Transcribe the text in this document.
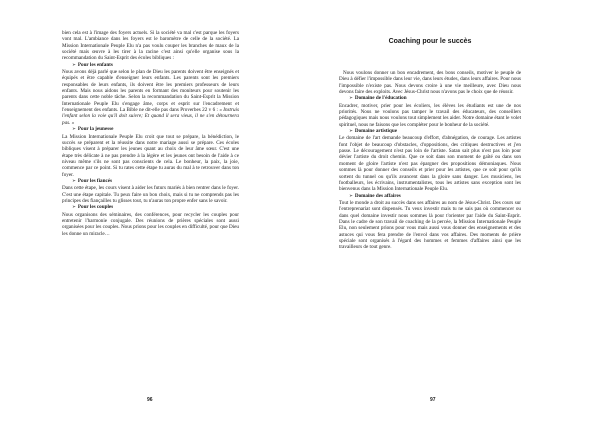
bien cela est à l'image des foyers actuels. Si la société va mal c'est parque les foyers vont mal. L'ambiance dans les foyers est le baromètre de celle de la société. La Mission Internationale Peuple Elu n'a pas voulu couper les branches de maux de la société mais œuvre à les tirer à la racine c'est ainsi qu'elle organise sous la recommandation du Saint-Esprit des écoles bibliques :

➢ Pour les enfants

Nous avons déjà parlé que selon le plan de Dieu les parents doivent être enseignés et équipés et être capable d'enseigner leurs enfants. Les parents sont les premiers responsables de leurs enfants, ils doivent être les premiers professeurs de leurs enfants. Mais nous aidons les parents en formant des moniteurs pour soutenir les parents dans cette noble tâche. Selon la recommandation du Saint-Esprit la Mission Internationale Peuple Elu s'engage âme, corps et esprit sur l'encadrement et l'enseignement des enfants. La Bible ne dit-elle pas dans Proverbes 22 v 6 : « Instruis l'enfant selon la voie qu'il doit suivre; Et quand il sera vieux, il ne s'en détournera pas. »

➢ Pour la jeunesse

La Mission Internationale Peuple Elu croit que tout se prépare, la bénédiction, le succès se préparent et la réussite dans notre mariage aussi se prépare. Ces écoles bibliques visent à préparer les jeunes quant au choix de leur âme sœur. C'est une étape très délicate à ne pas prendre à la légère et les jeunes ont besoin de l'aide à ce niveau même s'ils ne sont pas conscients de cela. Le bonheur, la paix, la joie, commence par ce point. Si tu rates cette étape tu auras du mal à te retrouver dans ton foyer.

➢ Pour les fiancés

Dans cette étape, les cours visent à aider les futurs mariés à bien rentrer dans le foyer. C'est une étape capitale. Tu peux faire un bon choix, mais si tu ne comprends pas les principes des fiançailles tu glisses tout, tu n'auras ton propre enfer sans le savoir.

➢ Pour les couples

Nous organisons des séminaires, des conférences, pour recycler les couples pour entretenir l'harmonie conjugale. Des réunions de prières spéciales sont aussi organisées pour les couples. Nous prions pour les couples en difficulté, pour que Dieu les donne un miracle…

96
Coaching pour le succès

Nous voulons donner un bon encadrement, des bons conseils, motiver le peuple de Dieu à défier l'impossible dans leur vie, dans leurs études, dans leurs affaires. Pour nous l'impossible n'existe pas. Nous devons croire à une vie meilleure, avec Dieu nous devons faire des exploits. Avec Jésus-Christ nous n'avons pas le choix que de réussir.

➢ Domaine de l'éducation

Encadrer, motiver, prier pour les écoliers, les élèves les étudiants est une de nos priorités. Nous ne voulons pas tamper le travail des éducateurs, des conseillers pédagogiques mais nous voulons tout simplement les aider. Notre domaine étant le volet spirituel, nous ne faisons que les compléter pour le bonheur de la société.

➢ Domaine artistique

Le domaine de l'art demande beaucoup d'effort, d'abnégation, de courage. Les artistes font l'objet de beaucoup d'obstacles, d'oppositions, des critiques destructives et j'en passe. Le découragement n'est pas loin de l'artiste. Satan sait plus n'est pas loin pour dévier l'artiste du droit chemin. Que ce soit dans son moment de gaîté ou dans son moment de gloire l'artiste n'est pas épargner des propositions démoniaques. Nous sommes là pour donner des conseils et prier pour les artistes, que ce soit pour qu'ils sortent du tunnel ou qu'ils avancent dans la gloire sans danger. Les musiciens, les footballeurs, les écrivains, instrumentalistes, tous les artistes sans exception sont les bienvenus dans la Mission Internationale Peuple Elu.

➢ Domaine des affaires

Tout le monde a droit au succès dans ses affaires au nom de Jésus-Christ. Des cours sur l'entreprenariat sont dispensés. Tu veux investir mais tu ne sais pas où commencer ou dans quel domaine investir nous sommes là pour t'orienter par l'aide du Saint-Esprit. Dans le cadre de son travail de coaching de la percée, la Mission Internationale Peuple Elu, non seulement prions pour vous mais aussi vous donner des enseignements et des astuces qui vous fera prendre de l'envol dans vos affaires. Des moments de prière spéciale sont organisés à l'égard des hommes et femmes d'affaires ainsi que les travailleurs de tout genre.

97
